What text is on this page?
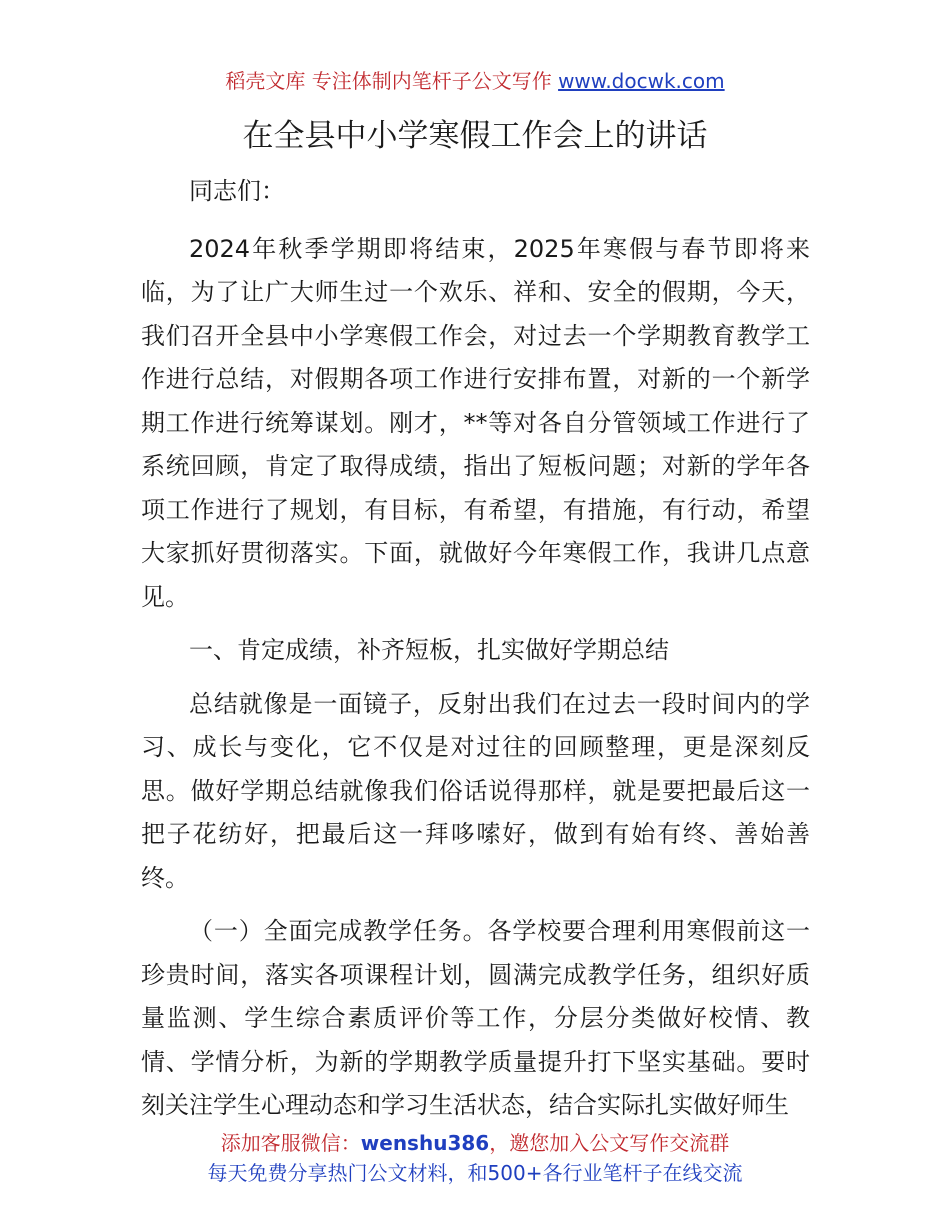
稻壳文库 专注体制内笔杆子公文写作 www.docwk.com
在全县中小学寒假工作会上的讲话

同志们：

2024年秋季学期即将结束，2025年寒假与春节即将来临，为了让广大师生过一个欢乐、祥和、安全的假期，今天，我们召开全县中小学寒假工作会，对过去一个学期教育教学工作进行总结，对假期各项工作进行安排布置，对新的一个新学期工作进行统筹谋划。刚才，**等对各自分管领域工作进行了系统回顾，肯定了取得成绩，指出了短板问题；对新的学年各项工作进行了规划，有目标，有希望，有措施，有行动，希望大家抓好贯彻落实。下面，就做好今年寒假工作，我讲几点意见。

一、肯定成绩，补齐短板，扎实做好学期总结

总结就像是一面镜子，反射出我们在过去一段时间内的学习、成长与变化，它不仅是对过往的回顾整理，更是深刻反思。做好学期总结就像我们俗话说得那样，就是要把最后这一把子花纺好，把最后这一拜哆嗦好，做到有始有终、善始善终。

（一）全面完成教学任务。各学校要合理利用寒假前这一珍贵时间，落实各项课程计划，圆满完成教学任务，组织好质量监测、学生综合素质评价等工作，分层分类做好校情、教情、学情分析，为新的学期教学质量提升打下坚实基础。要时刻关注学生心理动态和学习生活状态，结合实际扎实做好师生

添加客服微信：wenshu386，邀您加入公文写作交流群
每天免费分享热门公文材料，和500+各行业笔杆子在线交流
